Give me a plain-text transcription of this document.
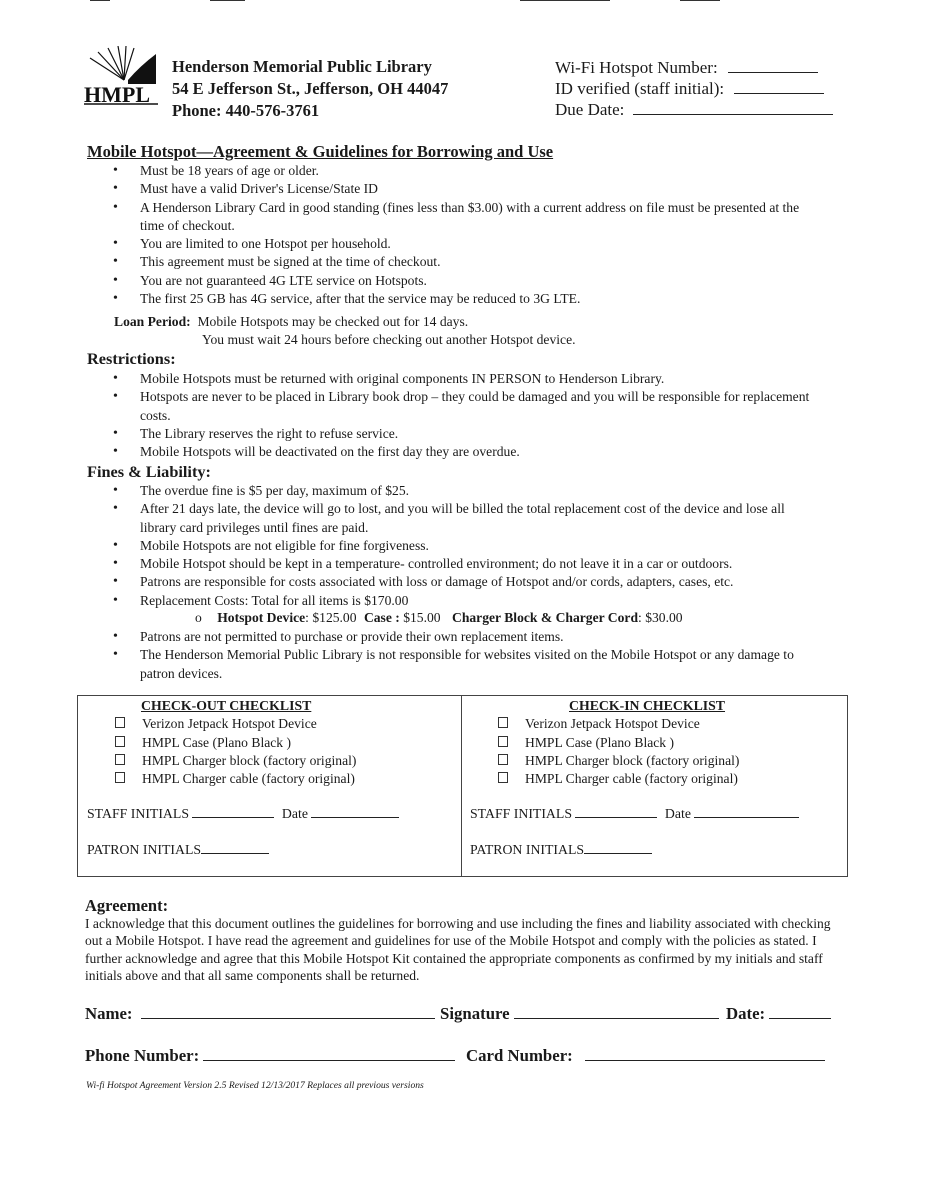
HMPL
Henderson Memorial Public Library
54 E Jefferson St., Jefferson, OH 44047
Phone: 440-576-3761
Wi-Fi Hotspot Number:
ID verified (staff initial):
Due Date:
Mobile Hotspot—Agreement & Guidelines for Borrowing and Use
• Must be 18 years of age or older.
• Must have a valid Driver's License/State ID
• A Henderson Library Card in good standing (fines less than $3.00) with a current address on file must be presented at the time of checkout.
• You are limited to one Hotspot per household.
• This agreement must be signed at the time of checkout.
• You are not guaranteed 4G LTE service on Hotspots.
• The first 25 GB has 4G service, after that the service may be reduced to 3G LTE.
Loan Period: Mobile Hotspots may be checked out for 14 days.
You must wait 24 hours before checking out another Hotspot device.
Restrictions:
• Mobile Hotspots must be returned with original components IN PERSON to Henderson Library.
• Hotspots are never to be placed in Library book drop – they could be damaged and you will be responsible for replacement costs.
• The Library reserves the right to refuse service.
• Mobile Hotspots will be deactivated on the first day they are overdue.
Fines & Liability:
• The overdue fine is $5 per day, maximum of $25.
• After 21 days late, the device will go to lost, and you will be billed the total replacement cost of the device and lose all library card privileges until fines are paid.
• Mobile Hotspots are not eligible for fine forgiveness.
• Mobile Hotspot should be kept in a temperature- controlled environment; do not leave it in a car or outdoors.
• Patrons are responsible for costs associated with loss or damage of Hotspot and/or cords, adapters, cases, etc.
• Replacement Costs: Total for all items is $170.00
o Hotspot Device: $125.00 Case : $15.00 Charger Block & Charger Cord: $30.00
• Patrons are not permitted to purchase or provide their own replacement items.
• The Henderson Memorial Public Library is not responsible for websites visited on the Mobile Hotspot or any damage to patron devices.
CHECK-OUT CHECKLIST
Verizon Jetpack Hotspot Device
HMPL Case (Plano Black )
HMPL Charger block (factory original)
HMPL Charger cable (factory original)
STAFF INITIALS	Date
PATRON INITIALS
CHECK-IN CHECKLIST
Verizon Jetpack Hotspot Device
HMPL Case (Plano Black )
HMPL Charger block (factory original)
HMPL Charger cable (factory original)
STAFF INITIALS	Date
PATRON INITIALS
Agreement:
I acknowledge that this document outlines the guidelines for borrowing and use including the fines and liability associated with checking out a Mobile Hotspot. I have read the agreement and guidelines for use of the Mobile Hotspot and comply with the policies as stated. I further acknowledge and agree that this Mobile Hotspot Kit contained the appropriate components as confirmed by my initials and staff initials above and that all same components shall be returned.
Name:	Signature	Date:
Phone Number:	Card Number:
Wi-fi Hotspot Agreement Version 2.5 Revised 12/13/2017 Replaces all previous versions
